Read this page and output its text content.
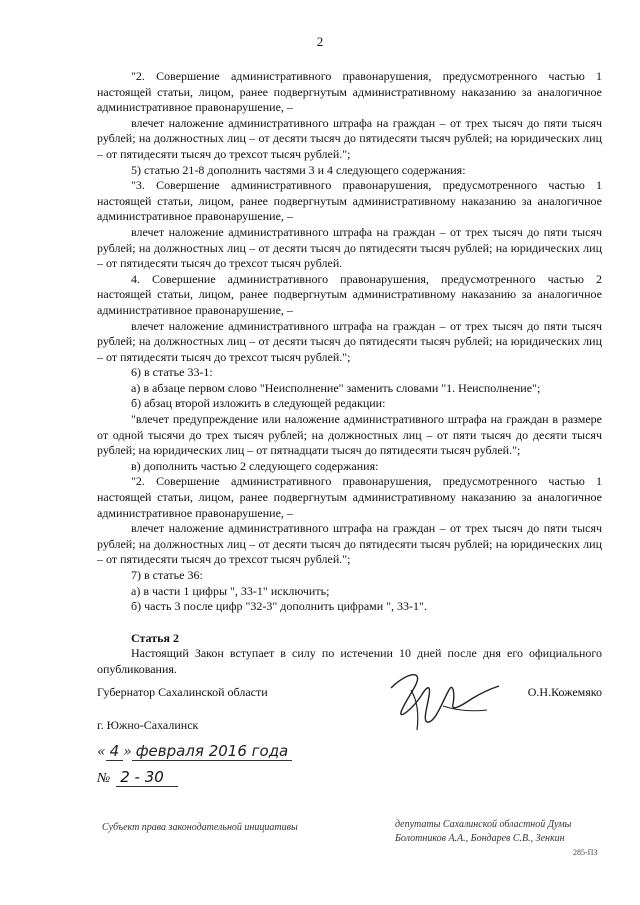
2

"2. Совершение административного правонарушения, предусмотренного частью 1 настоящей статьи, лицом, ранее подвергнутым административному наказанию за аналогичное административное правонарушение, –

влечет наложение административного штрафа на граждан – от трех тысяч до пяти тысяч рублей; на должностных лиц – от десяти тысяч до пятидесяти тысяч рублей; на юридических лиц – от пятидесяти тысяч до трехсот тысяч рублей.";

5) статью 21-8 дополнить частями 3 и 4 следующего содержания:

"3. Совершение административного правонарушения, предусмотренного частью 1 настоящей статьи, лицом, ранее подвергнутым административному наказанию за аналогичное административное правонарушение, –

влечет наложение административного штрафа на граждан – от трех тысяч до пяти тысяч рублей; на должностных лиц – от десяти тысяч до пятидесяти тысяч рублей; на юридических лиц – от пятидесяти тысяч до трехсот тысяч рублей.

4. Совершение административного правонарушения, предусмотренного частью 2 настоящей статьи, лицом, ранее подвергнутым административному наказанию за аналогичное административное правонарушение, –

влечет наложение административного штрафа на граждан – от трех тысяч до пяти тысяч рублей; на должностных лиц – от десяти тысяч до пятидесяти тысяч рублей; на юридических лиц – от пятидесяти тысяч до трехсот тысяч рублей.";

6) в статье 33-1:

а) в абзаце первом слово "Неисполнение" заменить словами "1. Неисполнение";

б) абзац второй изложить в следующей редакции:

"влечет предупреждение или наложение административного штрафа на граждан в размере от одной тысячи до трех тысяч рублей; на должностных лиц – от пяти тысяч до десяти тысяч рублей; на юридических лиц – от пятнадцати тысяч до пятидесяти тысяч рублей.";

в) дополнить частью 2 следующего содержания:

"2. Совершение административного правонарушения, предусмотренного частью 1 настоящей статьи, лицом, ранее подвергнутым административному наказанию за аналогичное административное правонарушение, –

влечет наложение административного штрафа на граждан – от трех тысяч до пяти тысяч рублей; на должностных лиц – от десяти тысяч до пятидесяти тысяч рублей; на юридических лиц – от пятидесяти тысяч до трехсот тысяч рублей.";

7) в статье 36:

а) в части 1 цифры ", 33-1" исключить;

б) часть 3 после цифр "32-3" дополнить цифрами ", 33-1".

Статья 2

Настоящий Закон вступает в силу по истечении 10 дней после дня его официального опубликования.

Губернатор Сахалинской области	О.Н.Кожемяко
г. Южно-Сахалинск
« 4 » февраля 2016 года
№ 2 - 30
Субъект права законодательной инициативы	депутаты Сахалинской областной Думы
Болотников А.А., Бондарев С.В., Зенкин
285-ПЗ
